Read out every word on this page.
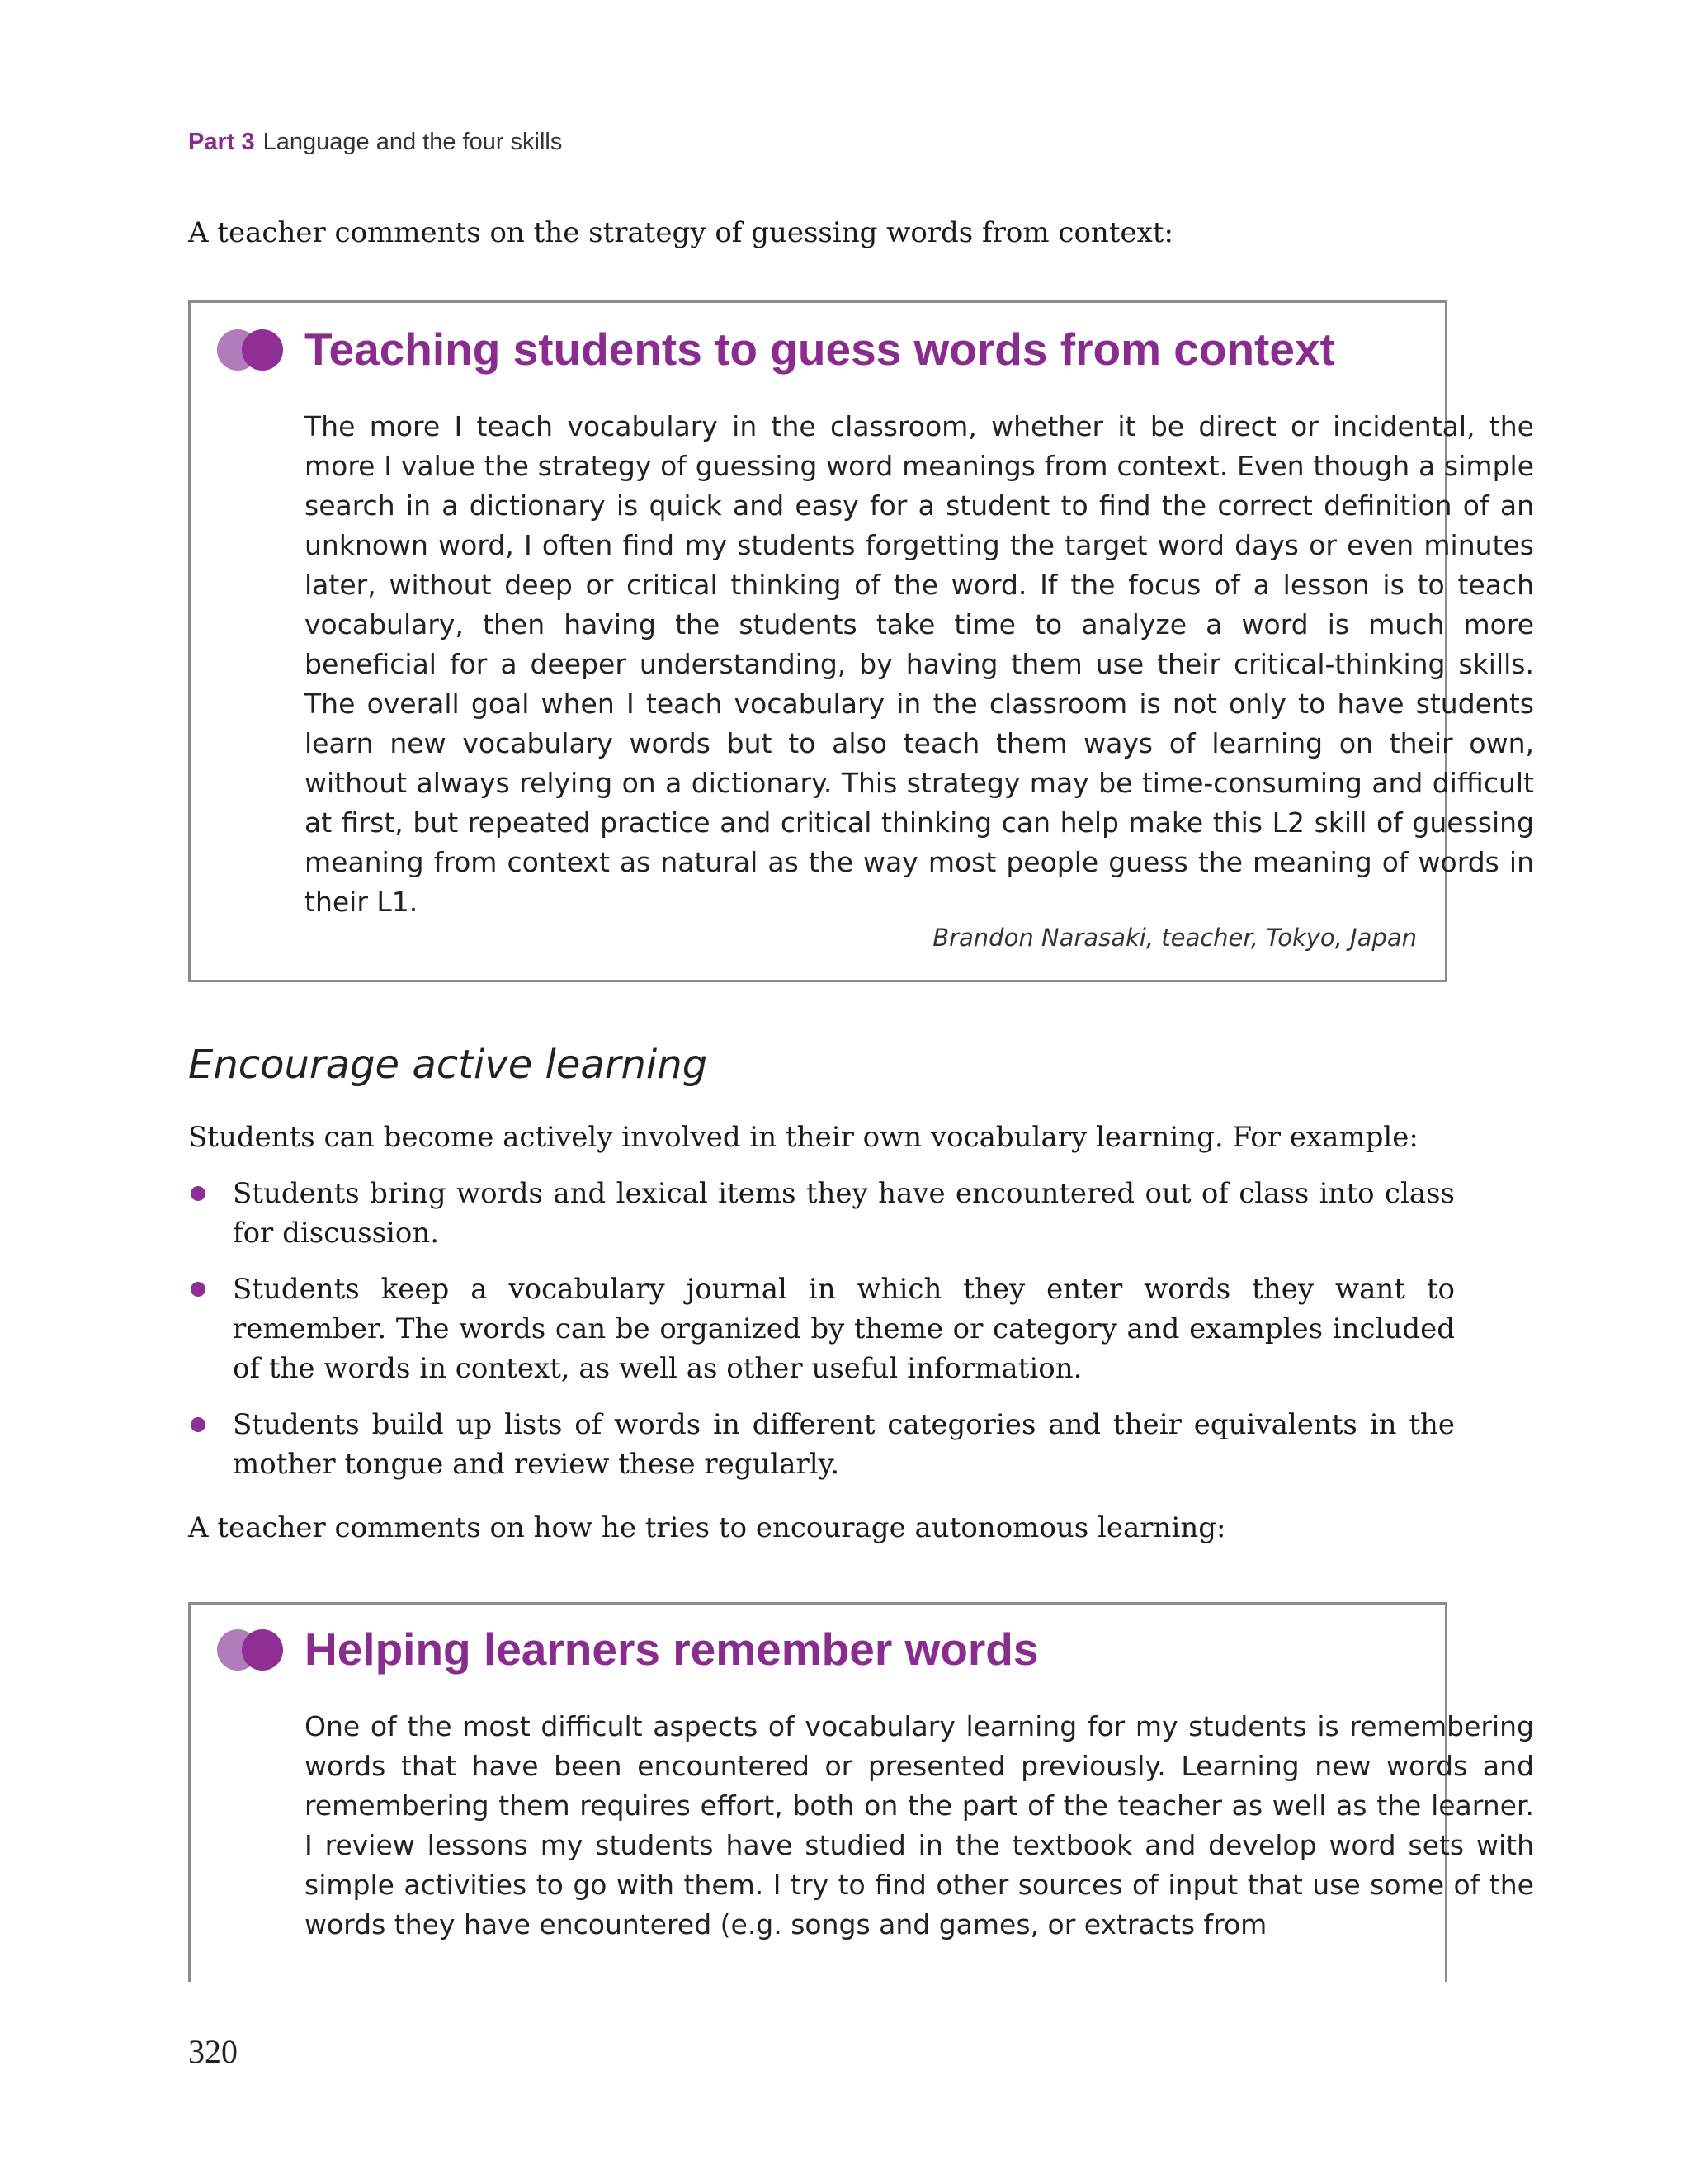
Part 3 Language and the four skills

A teacher comments on the strategy of guessing words from context:

Teaching students to guess words from context

The more I teach vocabulary in the classroom, whether it be direct or incidental, the more I value the strategy of guessing word meanings from context. Even though a simple search in a dictionary is quick and easy for a student to find the correct definition of an unknown word, I often find my students forgetting the target word days or even minutes later, without deep or critical thinking of the word. If the focus of a lesson is to teach vocabulary, then having the students take time to analyze a word is much more beneficial for a deeper understanding, by having them use their critical-thinking skills. The overall goal when I teach vocabulary in the classroom is not only to have students learn new vocabulary words but to also teach them ways of learning on their own, without always relying on a dictionary. This strategy may be time-consuming and difficult at first, but repeated practice and critical thinking can help make this L2 skill of guessing meaning from context as natural as the way most people guess the meaning of words in their L1.

Brandon Narasaki, teacher, Tokyo, Japan
Encourage active learning

Students can become actively involved in their own vocabulary learning. For example:

Students bring words and lexical items they have encountered out of class into class for discussion.
Students keep a vocabulary journal in which they enter words they want to remember. The words can be organized by theme or category and examples included of the words in context, as well as other useful information.
Students build up lists of words in different categories and their equivalents in the mother tongue and review these regularly.

A teacher comments on how he tries to encourage autonomous learning:

Helping learners remember words

One of the most difficult aspects of vocabulary learning for my students is remembering words that have been encountered or presented previously. Learning new words and remembering them requires effort, both on the part of the teacher as well as the learner. I review lessons my students have studied in the textbook and develop word sets with simple activities to go with them. I try to find other sources of input that use some of the words they have encountered (e.g. songs and games, or extracts from

320
